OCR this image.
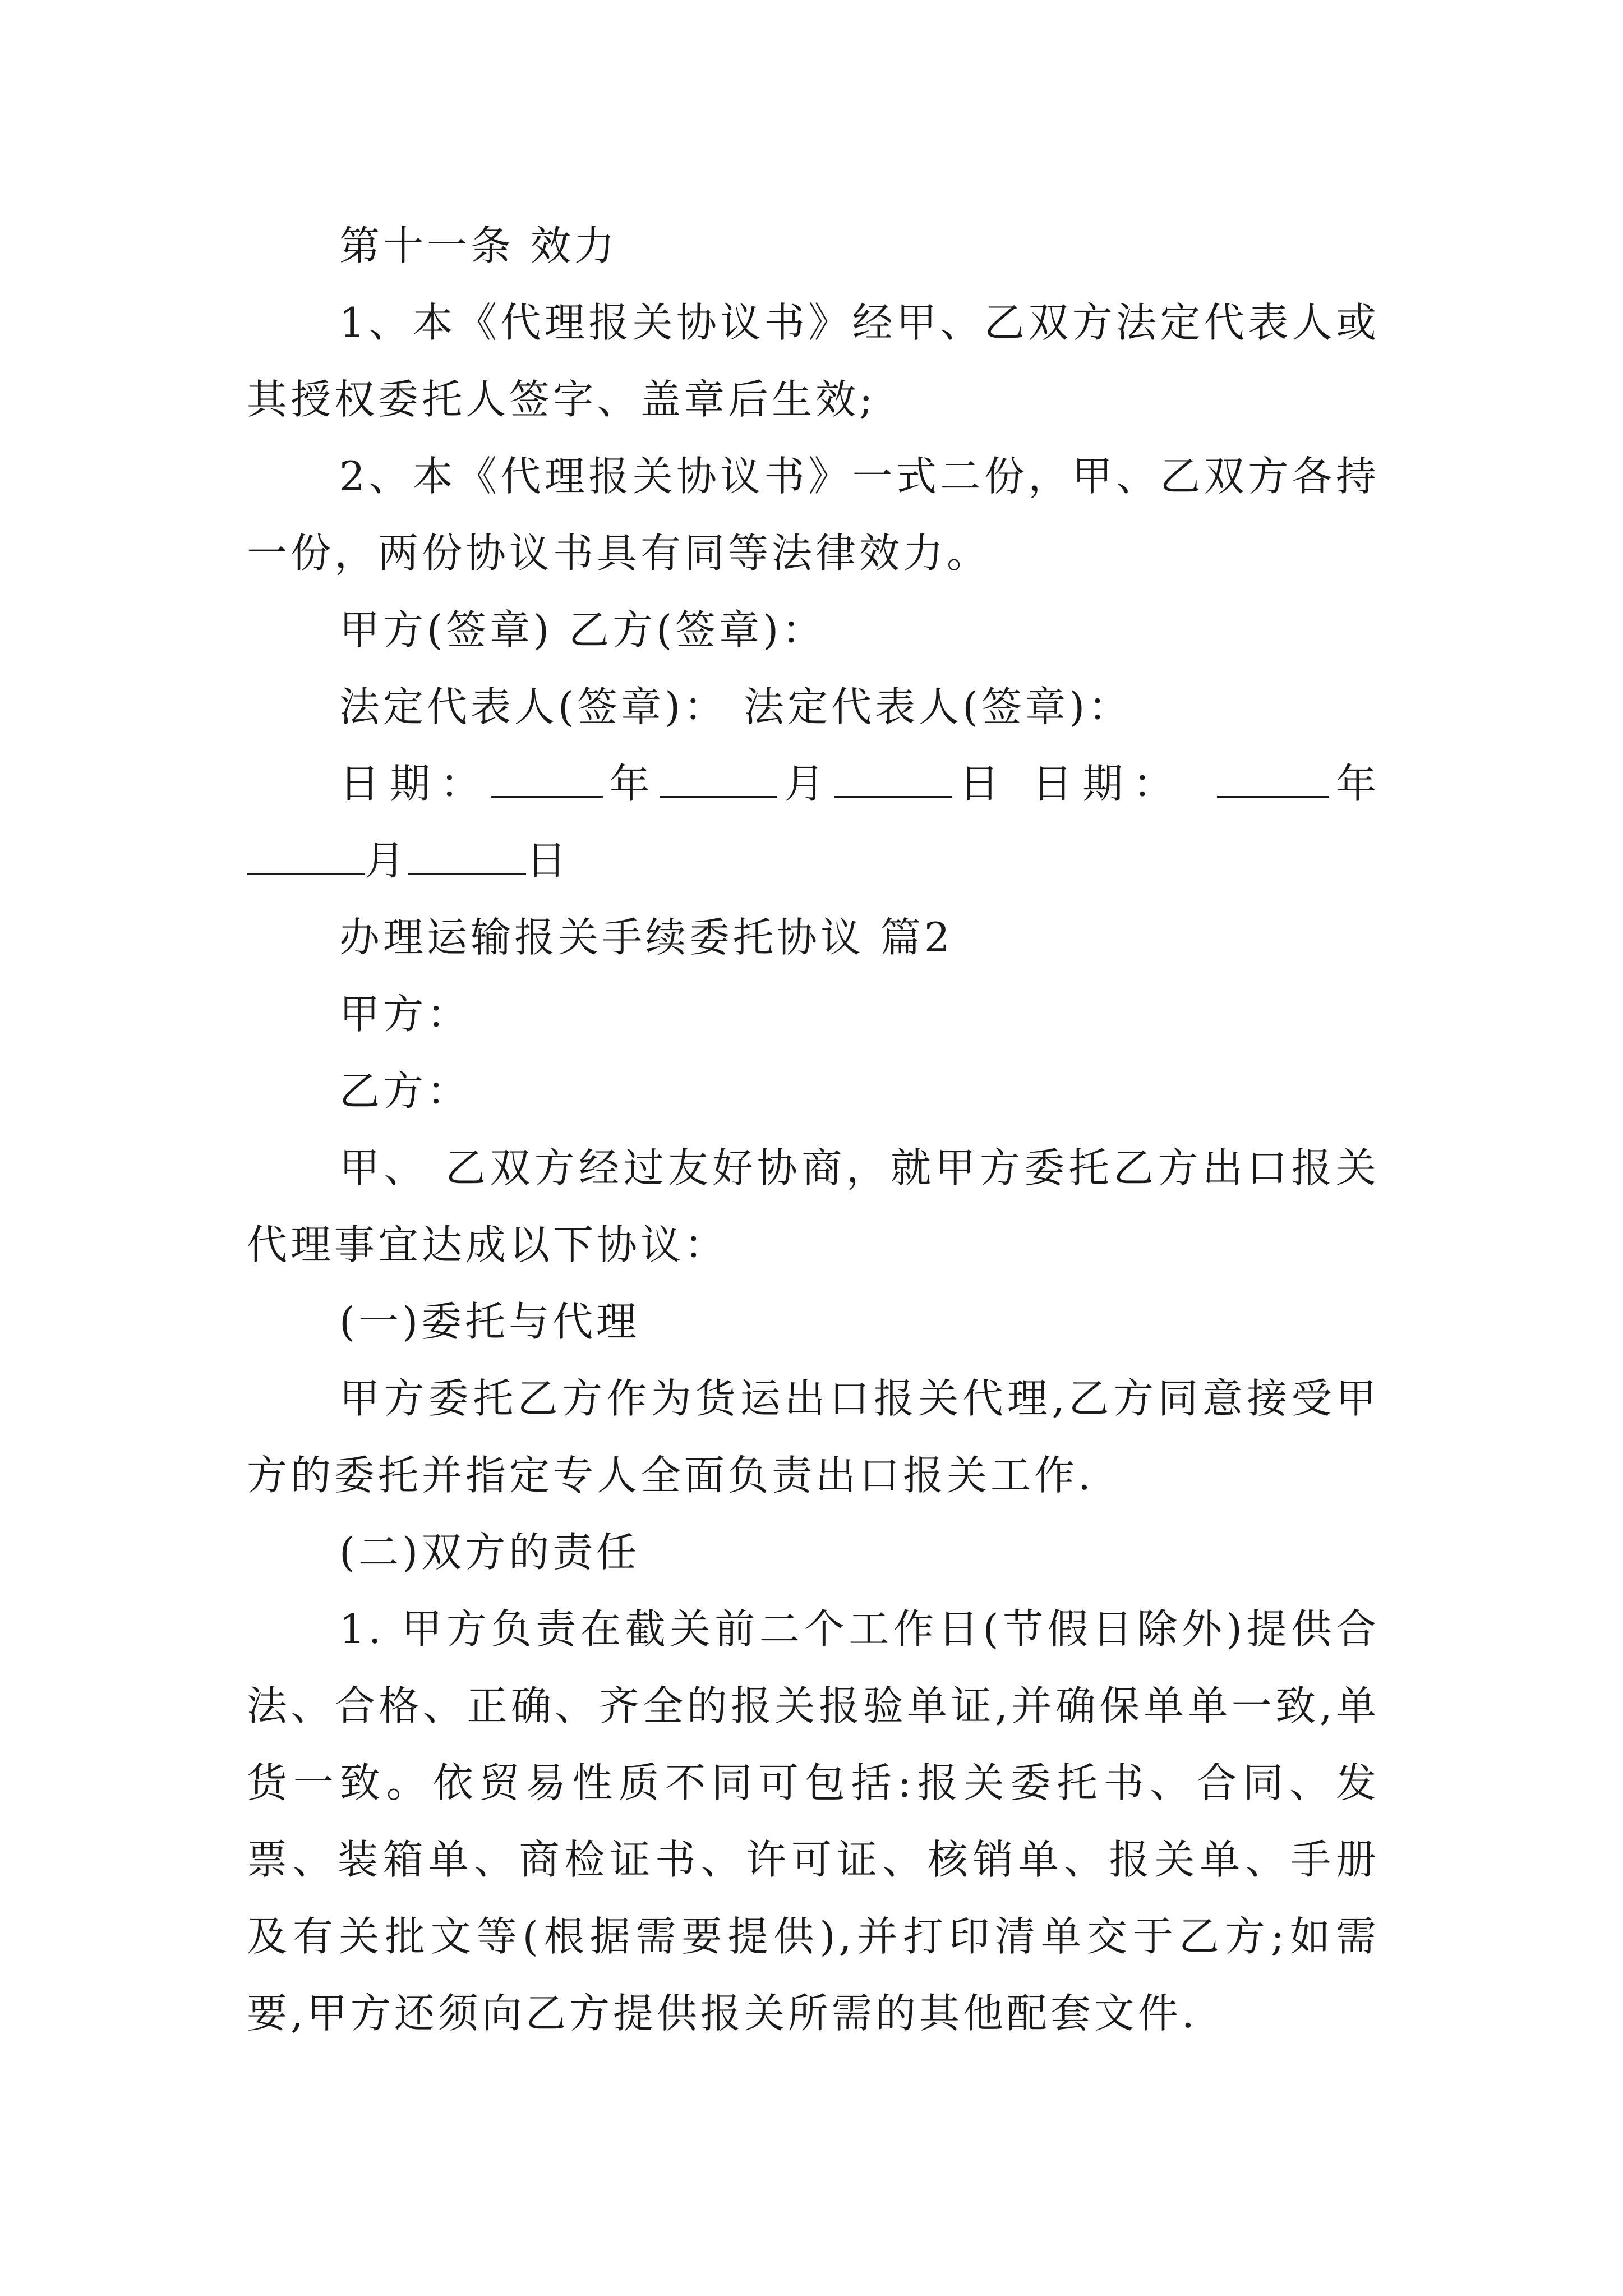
第十一条 效力

1、本《代理报关协议书》经甲、乙双方法定代表人或其授权委托人签字、盖章后生效;

2、本《代理报关协议书》一式二份，甲、乙双方各持一份，两份协议书具有同等法律效力。

甲方(签章) 乙方(签章)：

法定代表人(签章)： 法定代表人(签章)：

日期：	年	月	日 日期：	年月	日

办理运输报关手续委托协议 篇2

甲方：

乙方：

甲、 乙双方经过友好协商，就甲方委托乙方出口报关代理事宜达成以下协议：

(一)委托与代理

甲方委托乙方作为货运出口报关代理,乙方同意接受甲方的委托并指定专人全面负责出口报关工作.

(二)双方的责任

1. 甲方负责在截关前二个工作日(节假日除外)提供合法、合格、正确、齐全的报关报验单证,并确保单单一致,单货一致。依贸易性质不同可包括:报关委托书、合同、发票、装箱单、商检证书、许可证、核销单、报关单、手册及有关批文等(根据需要提供),并打印清单交于乙方;如需要,甲方还须向乙方提供报关所需的其他配套文件.
